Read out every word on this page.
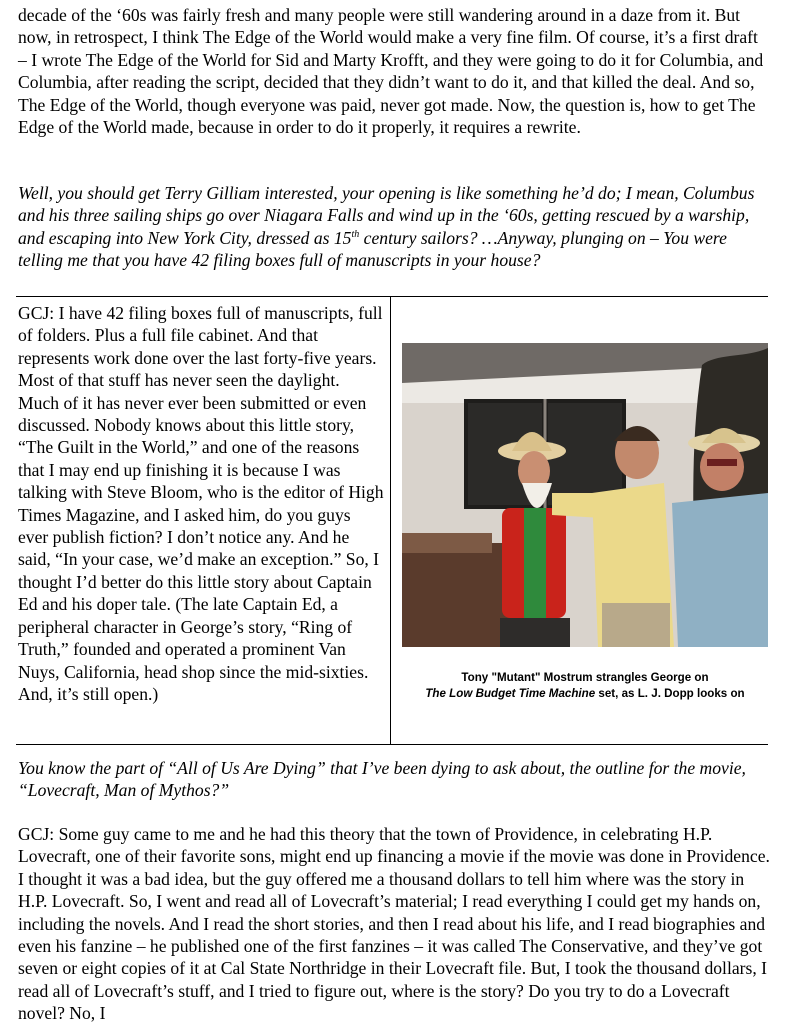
decade of the ‘60s was fairly fresh and many people were still wandering around in a daze from it. But now, in retrospect, I think The Edge of the World would make a very fine film. Of course, it’s a first draft – I wrote The Edge of the World for Sid and Marty Krofft, and they were going to do it for Columbia, and Columbia, after reading the script, decided that they didn’t want to do it, and that killed the deal. And so, The Edge of the World, though everyone was paid, never got made. Now, the question is, how to get The Edge of the World made, because in order to do it properly, it requires a rewrite.

Well, you should get Terry Gilliam interested, your opening is like something he’d do; I mean, Columbus and his three sailing ships go over Niagara Falls and wind up in the ‘60s, getting rescued by a warship, and escaping into New York City, dressed as 15th century sailors? …Anyway, plunging on – You were telling me that you have 42 filing boxes full of manuscripts in your house?

GCJ: I have 42 filing boxes full of manuscripts, full of folders. Plus a full file cabinet. And that represents work done over the last forty-five years. Most of that stuff has never seen the daylight. Much of it has never ever been submitted or even discussed. Nobody knows about this little story, “The Guilt in the World,” and one of the reasons that I may end up finishing it is because I was talking with Steve Bloom, who is the editor of High Times Magazine, and I asked him, do you guys ever publish fiction? I don’t notice any. And he said, “In your case, we’d make an exception.” So, I thought I’d better do this little story about Captain Ed and his doper tale. (The late Captain Ed, a peripheral character in George’s story, “Ring of Truth,” founded and operated a prominent Van Nuys, California, head shop since the mid-sixties. And, it’s still open.)

Tony "Mutant" Mostrum strangles George on
The Low Budget Time Machine set, as L. J. Dopp looks on

You know the part of “All of Us Are Dying” that I’ve been dying to ask about, the outline for the movie, “Lovecraft, Man of Mythos?”

GCJ: Some guy came to me and he had this theory that the town of Providence, in celebrating H.P. Lovecraft, one of their favorite sons, might end up financing a movie if the movie was done in Providence. I thought it was a bad idea, but the guy offered me a thousand dollars to tell him where was the story in H.P. Lovecraft. So, I went and read all of Lovecraft’s material; I read everything I could get my hands on, including the novels. And I read the short stories, and then I read about his life, and I read biographies and even his fanzine – he published one of the first fanzines – it was called The Conservative, and they’ve got seven or eight copies of it at Cal State Northridge in their Lovecraft file. But, I took the thousand dollars, I read all of Lovecraft’s stuff, and I tried to figure out, where is the story? Do you try to do a Lovecraft novel? No, I
